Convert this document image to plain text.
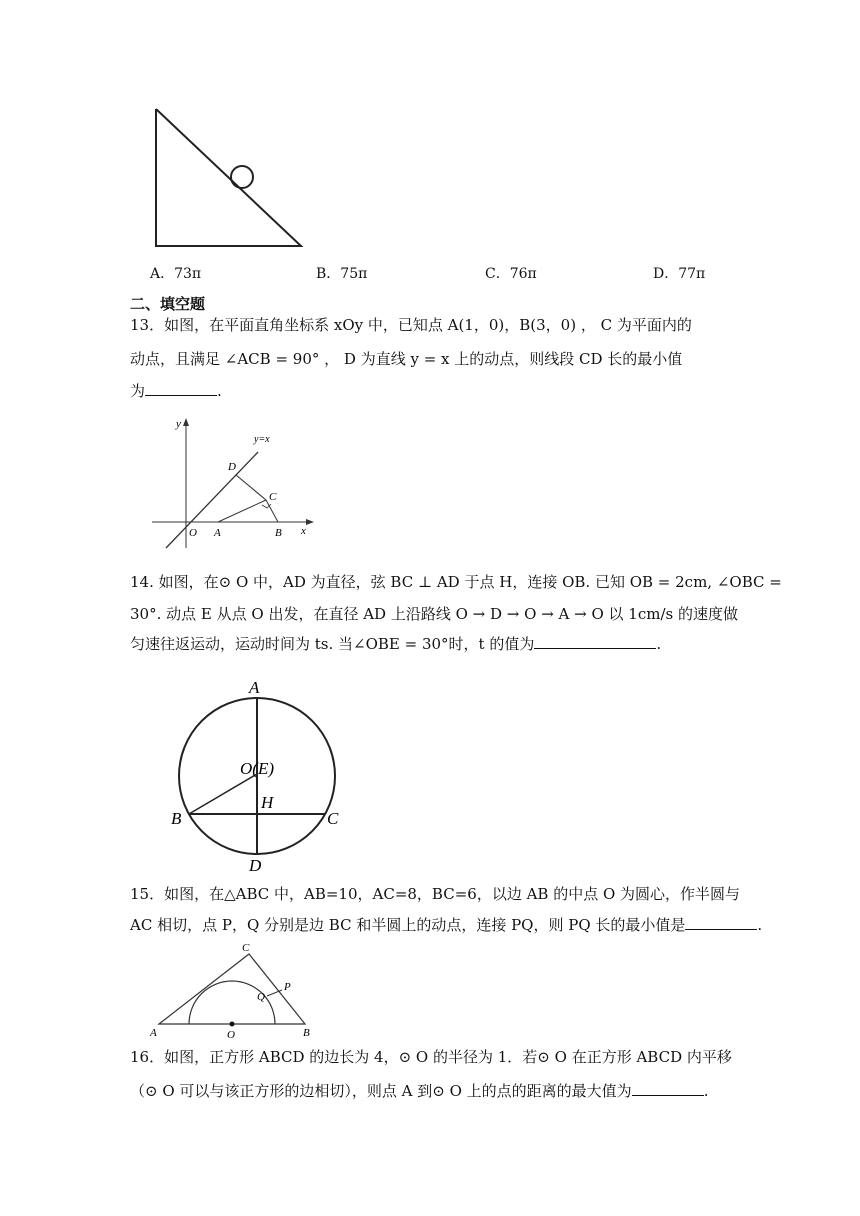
A．73π	B．75π	C．76π	D．77π
二、填空题
13．如图，在平面直角坐标系 xOy 中，已知点 A(1，0)，B(3，0) ， C 为平面内的
动点，且满足 ∠ACB = 90° ， D 为直线 y = x 上的动点，则线段 CD 长的最小值
为	.
y
y=x
D
C
O A	B x
14. 如图，在⊙ O 中，AD 为直径，弦 BC ⊥ AD 于点 H，连接 OB. 已知 OB = 2cm, ∠OBC =
30°. 动点 E 从点 O 出发，在直径 AD 上沿路线 O → D → O → A → O 以 1cm/s 的速度做
匀速往返运动，运动时间为 ts. 当∠OBE = 30°时，t 的值为	.
A
O(E)
H
B	C
D
15．如图，在△ABC 中，AB=10，AC=8，BC=6，以边 AB 的中点 O 为圆心，作半圆与
AC 相切，点 P，Q 分别是边 BC 和半圆上的动点，连接 PQ，则 PQ 长的最小值是	.
C
P
Q
A	O	B
16．如图，正方形 ABCD 的边长为 4，⊙ O 的半径为 1．若⊙ O 在正方形 ABCD 内平移
（⊙ O 可以与该正方形的边相切），则点 A 到⊙ O 上的点的距离的最大值为	.
